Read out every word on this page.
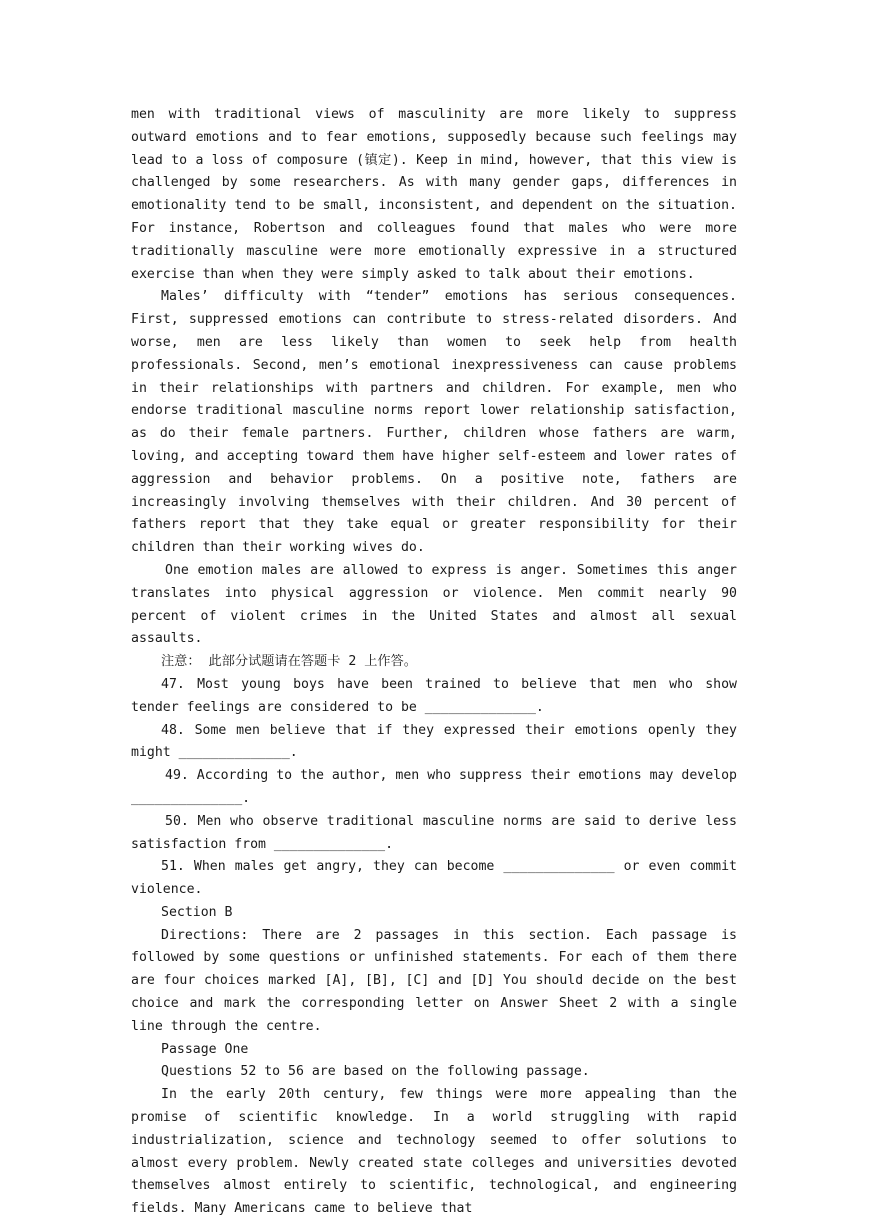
men with traditional views of masculinity are more likely to suppress outward emotions and to fear emotions, supposedly because such feelings may lead to a loss of composure (镇定). Keep in mind, however, that this view is challenged by some researchers. As with many gender gaps, differences in emotionality tend to be small, inconsistent, and dependent on the situation. For instance, Robertson and colleagues found that males who were more traditionally masculine were more emotionally expressive in a structured exercise than when they were simply asked to talk about their emotions.

Males’ difficulty with “tender” emotions has serious consequences. First, suppressed emotions can contribute to stress-related disorders. And worse, men are less likely than women to seek help from health professionals. Second, men’s emotional inexpressiveness can cause problems in their relationships with partners and children. For example, men who endorse traditional masculine norms report lower relationship satisfaction, as do their female partners. Further, children whose fathers are warm, loving, and accepting toward them have higher self-esteem and lower rates of aggression and behavior problems. On a positive note, fathers are increasingly involving themselves with their children. And 30 percent of fathers report that they take equal or greater responsibility for their children than their working wives do.

One emotion males are allowed to express is anger. Sometimes this anger translates into physical aggression or violence. Men commit nearly 90 percent of violent crimes in the United States and almost all sexual assaults.

注意： 此部分试题请在答题卡 2 上作答。

47. Most young boys have been trained to believe that men who show tender feelings are considered to be ______________.

48. Some men believe that if they expressed their emotions openly they might ______________.

49. According to the author, men who suppress their emotions may develop ______________.

50. Men who observe traditional masculine norms are said to derive less satisfaction from ______________.

51. When males get angry, they can become ______________ or even commit violence.

Section B

Directions: There are 2 passages in this section. Each passage is followed by some questions or unfinished statements. For each of them there are four choices marked [A], [B], [C] and [D] You should decide on the best choice and mark the corresponding letter on Answer Sheet 2 with a single line through the centre.

Passage One

Questions 52 to 56 are based on the following passage.

In the early 20th century, few things were more appealing than the promise of scientific knowledge. In a world struggling with rapid industrialization, science and technology seemed to offer solutions to almost every problem. Newly created state colleges and universities devoted themselves almost entirely to scientific, technological, and engineering fields. Many Americans came to believe that
